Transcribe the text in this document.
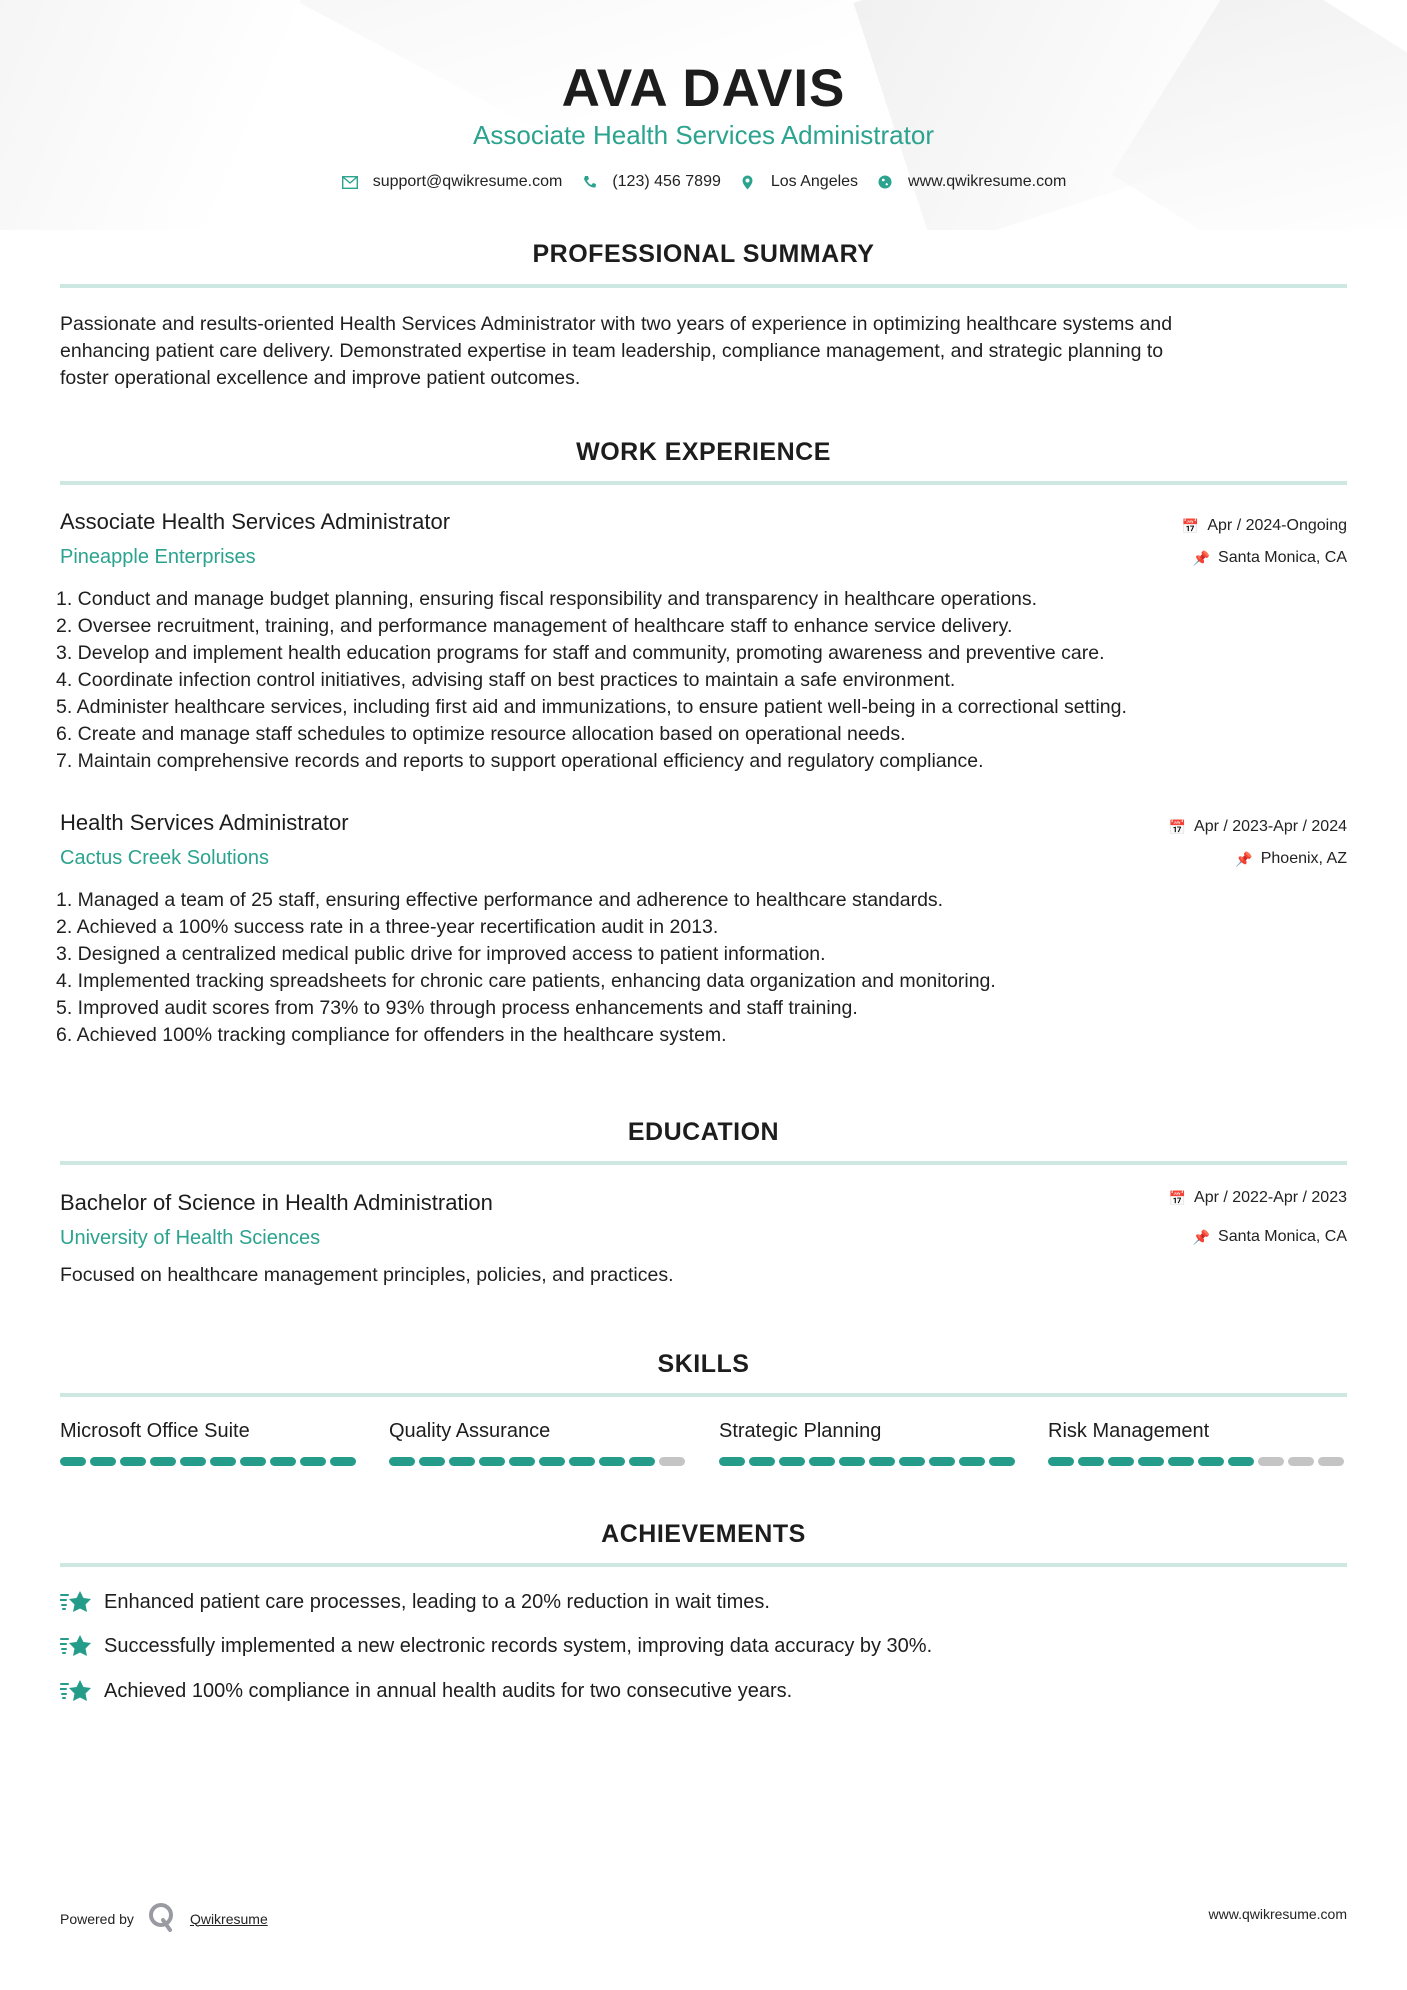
AVA DAVIS
Associate Health Services Administrator
support@qwikresume.com	(123) 456 7899	Los Angeles	www.qwikresume.com
PROFESSIONAL SUMMARY
Passionate and results-oriented Health Services Administrator with two years of experience in optimizing healthcare systems and
enhancing patient care delivery. Demonstrated expertise in team leadership, compliance management, and strategic planning to
foster operational excellence and improve patient outcomes.
WORK EXPERIENCE
Associate Health Services Administrator
Pineapple Enterprises
📅 Apr / 2024-Ongoing
📌 Santa Monica, CA
1. Conduct and manage budget planning, ensuring fiscal responsibility and transparency in healthcare operations.
2. Oversee recruitment, training, and performance management of healthcare staff to enhance service delivery.
3. Develop and implement health education programs for staff and community, promoting awareness and preventive care.
4. Coordinate infection control initiatives, advising staff on best practices to maintain a safe environment.
5. Administer healthcare services, including first aid and immunizations, to ensure patient well-being in a correctional setting.
6. Create and manage staff schedules to optimize resource allocation based on operational needs.
7. Maintain comprehensive records and reports to support operational efficiency and regulatory compliance.
Health Services Administrator
Cactus Creek Solutions
📅 Apr / 2023-Apr / 2024
📌 Phoenix, AZ
1. Managed a team of 25 staff, ensuring effective performance and adherence to healthcare standards.
2. Achieved a 100% success rate in a three-year recertification audit in 2013.
3. Designed a centralized medical public drive for improved access to patient information.
4. Implemented tracking spreadsheets for chronic care patients, enhancing data organization and monitoring.
5. Improved audit scores from 73% to 93% through process enhancements and staff training.
6. Achieved 100% tracking compliance for offenders in the healthcare system.
EDUCATION
Bachelor of Science in Health Administration
University of Health Sciences
📅 Apr / 2022-Apr / 2023
📌 Santa Monica, CA
Focused on healthcare management principles, policies, and practices.
SKILLS
Microsoft Office Suite	Quality Assurance	Strategic Planning	Risk Management
ACHIEVEMENTS
Enhanced patient care processes, leading to a 20% reduction in wait times.
Successfully implemented a new electronic records system, improving data accuracy by 30%.
Achieved 100% compliance in annual health audits for two consecutive years.
Powered by	Qwikresume	www.qwikresume.com
